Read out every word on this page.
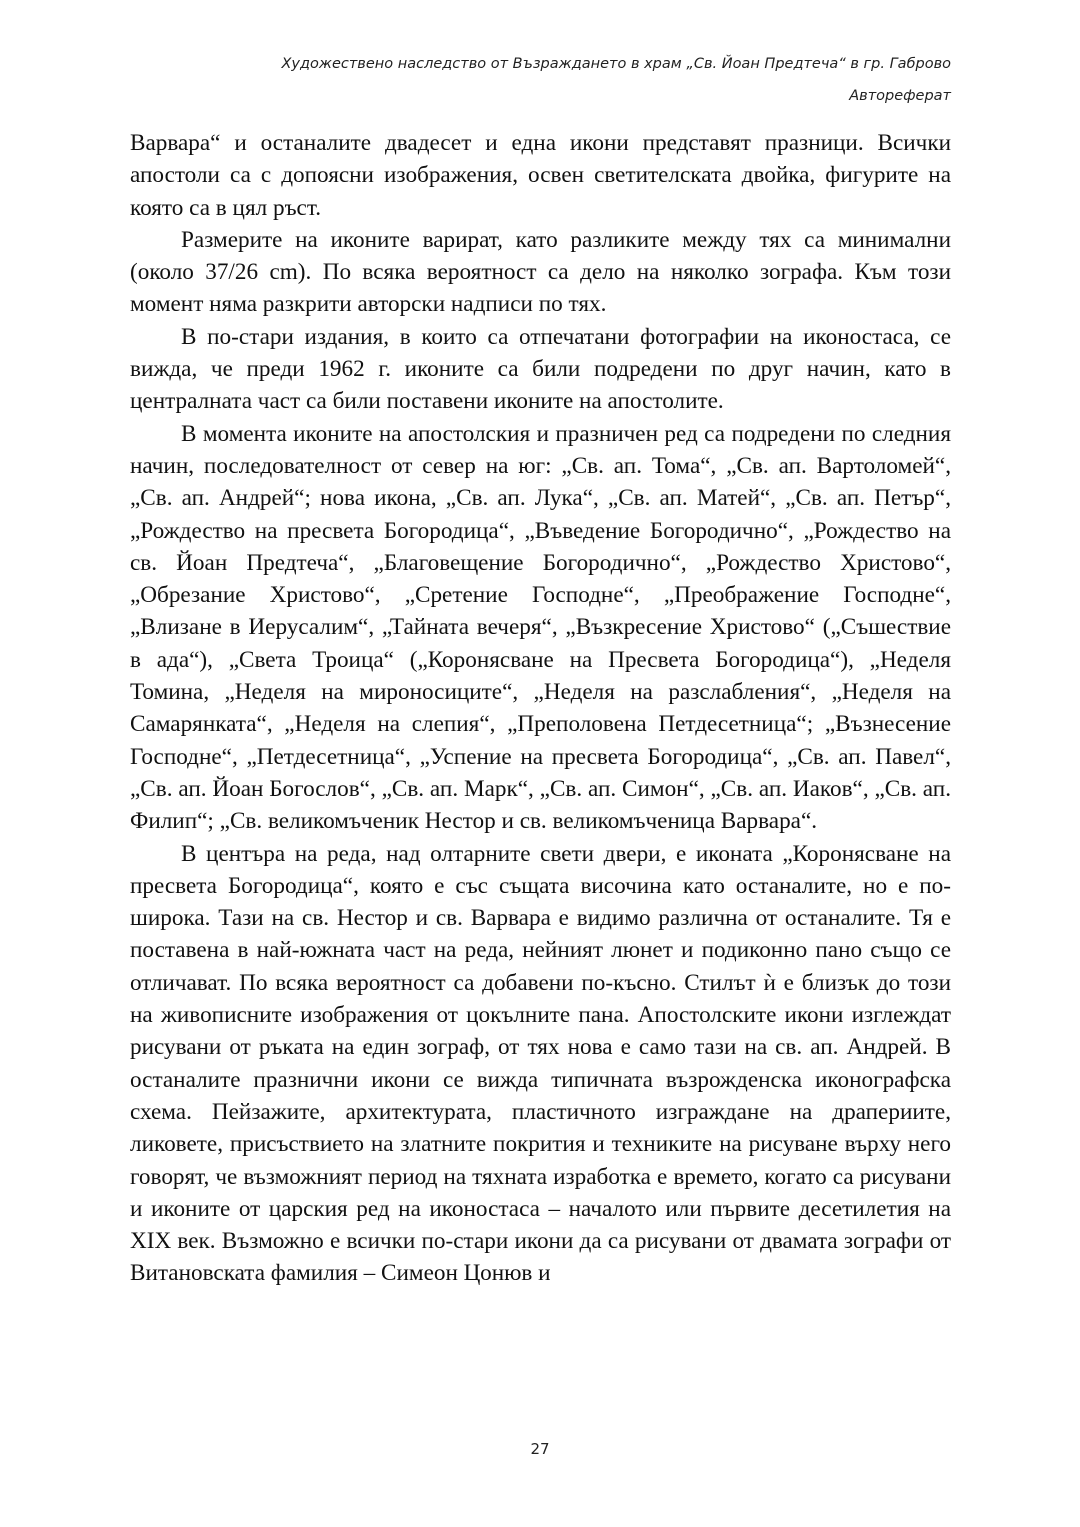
Художествено наследство от Възраждането в храм „Св. Йоан Предтеча“ в гр. Габрово
Автореферат

Варвара“ и останалите двадесет и една икони представят празници. Всички апостоли са с допоясни изображения, освен светителската двойка, фигурите на която са в цял ръст.

Размерите на иконите варират, като разликите между тях са минимални (около 37/26 cm). По всяка вероятност са дело на няколко зографа. Към този момент няма разкрити авторски надписи по тях.

В по-стари издания, в които са отпечатани фотографии на иконостаса, се вижда, че преди 1962 г. иконите са били подредени по друг начин, като в централната част са били поставени иконите на апостолите.

В момента иконите на апостолския и празничен ред са подредени по следния начин, последователност от север на юг: „Св. ап. Тома“, „Св. ап. Вартоломей“, „Св. ап. Андрей“; нова икона, „Св. ап. Лука“, „Св. ап. Матей“, „Св. ап. Петър“, „Рождество на пресвета Богородица“, „Въведение Богородично“, „Рождество на св. Йоан Предтеча“, „Благовещение Богородично“, „Рождество Христово“, „Обрезание Христово“, „Сретение Господне“, „Преображение Господне“, „Влизане в Иерусалим“, „Тайната вечеря“, „Възкресение Христово“ („Съшествие в ада“), „Света Троица“ („Коронясване на Пресвета Богородица“), „Неделя Томина, „Неделя на мироносиците“, „Неделя на разслабления“, „Неделя на Самарянката“, „Неделя на слепия“, „Преполовена Петдесетница“; „Възнесение Господне“, „Петдесетница“, „Успение на пресвета Богородица“, „Св. ап. Павел“, „Св. ап. Йоан Богослов“, „Св. ап. Марк“, „Св. ап. Симон“, „Св. ап. Иаков“, „Св. ап. Филип“; „Св. великомъченик Нестор и св. великомъченица Варвара“.

В центъра на реда, над олтарните свети двери, е иконата „Коронясване на пресвета Богородица“, която е със същата височина като останалите, но е по-широка. Тази на св. Нестор и св. Варвара е видимо различна от останалите. Тя е поставена в най-южната част на реда, нейният люнет и подиконно пано също се отличават. По всяка вероятност са добавени по-късно. Стилът ѝ е близък до този на живописните изображения от цокълните пана. Апостолските икони изглеждат рисувани от ръката на един зограф, от тях нова е само тази на св. ап. Андрей. В останалите празнични икони се вижда типичната възрожденска иконографска схема. Пейзажите, архитектурата, пластичното изграждане на драпериите, ликовете, присъствието на златните покрития и техниките на рисуване върху него говорят, че възможният период на тяхната изработка е времето, когато са рисувани и иконите от царския ред на иконостаса – началото или първите десетилетия на XIX век. Възможно е всички по-стари икони да са рисувани от двамата зографи от Витановската фамилия – Симеон Цонюв и

27
